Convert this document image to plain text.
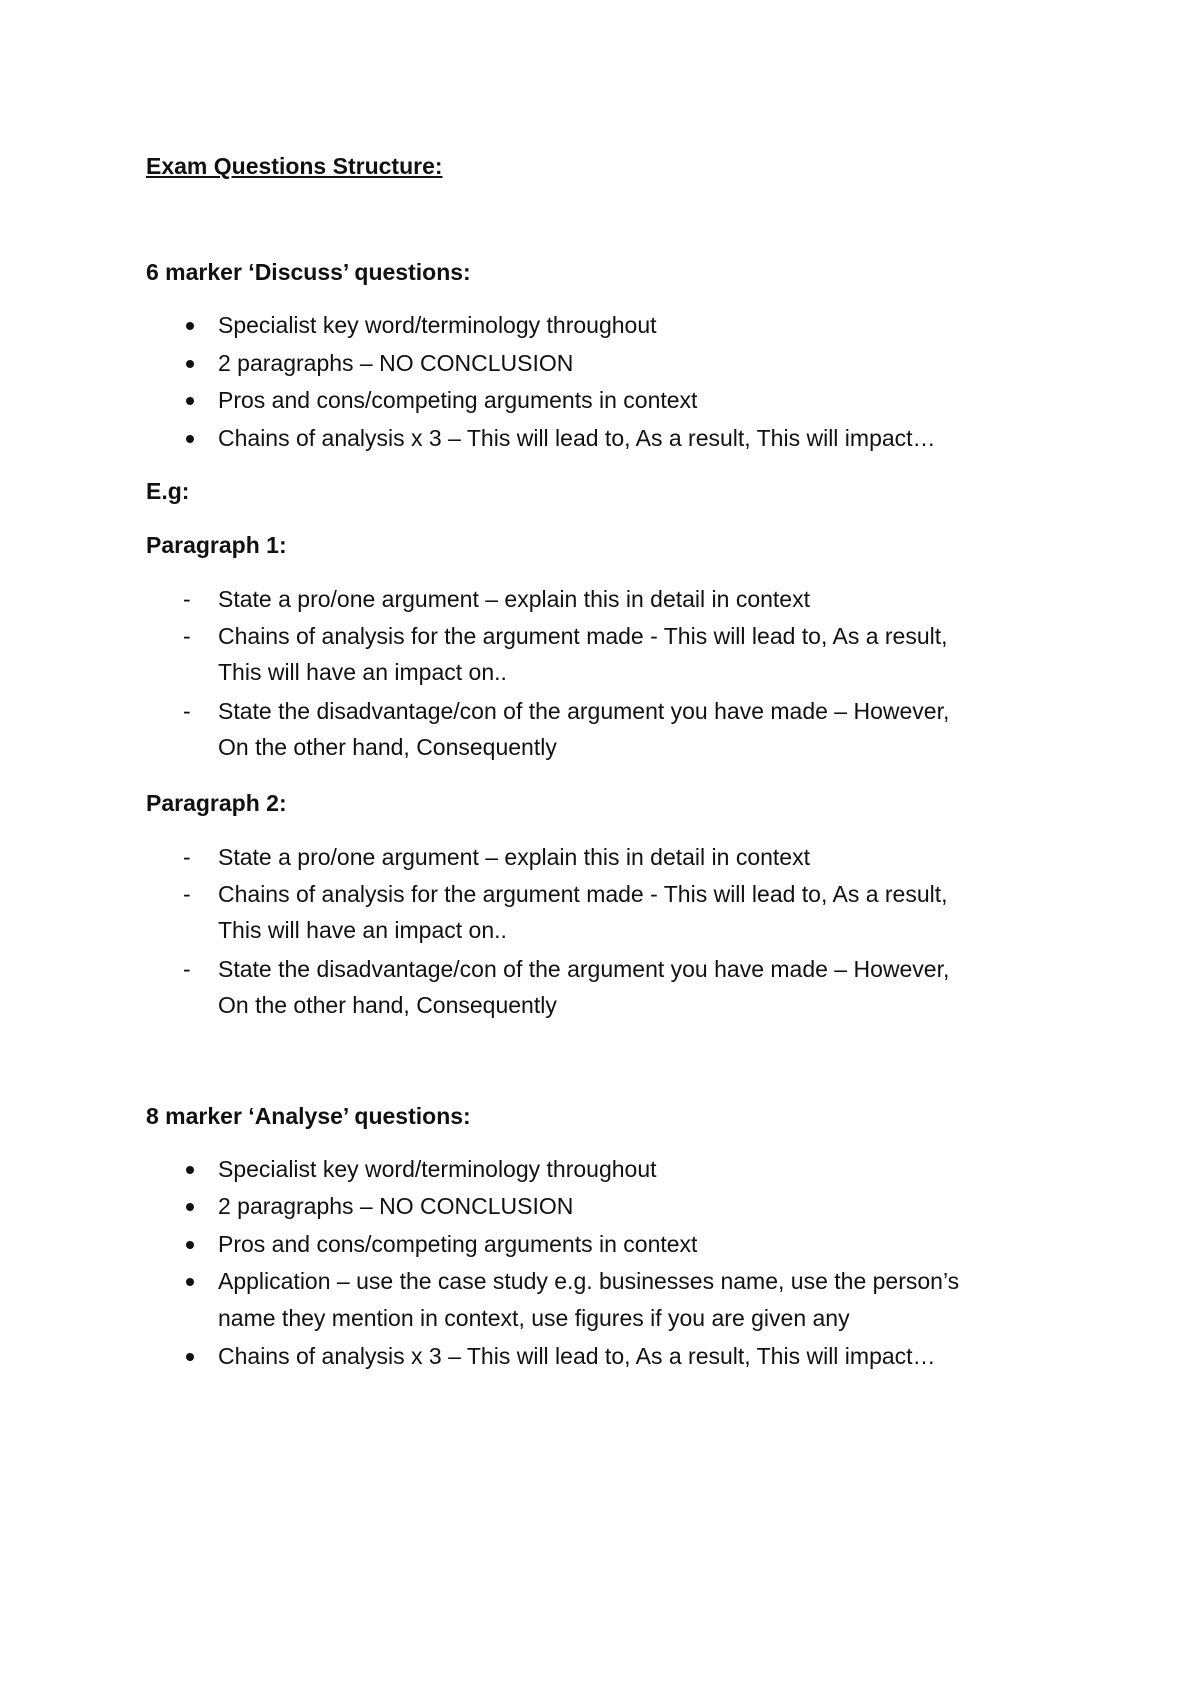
Exam Questions Structure:
6 marker ‘Discuss’ questions:
Specialist key word/terminology throughout
2 paragraphs – NO CONCLUSION
Pros and cons/competing arguments in context
Chains of analysis x 3 – This will lead to, As a result, This will impact…
E.g:
Paragraph 1:
- State a pro/one argument – explain this in detail in context
- Chains of analysis for the argument made - This will lead to, As a result,
This will have an impact on..
- State the disadvantage/con of the argument you have made – However,
On the other hand, Consequently
Paragraph 2:
- State a pro/one argument – explain this in detail in context
- Chains of analysis for the argument made - This will lead to, As a result,
This will have an impact on..
- State the disadvantage/con of the argument you have made – However,
On the other hand, Consequently
8 marker ‘Analyse’ questions:
Specialist key word/terminology throughout
2 paragraphs – NO CONCLUSION
Pros and cons/competing arguments in context
Application – use the case study e.g. businesses name, use the person’s
name they mention in context, use figures if you are given any
Chains of analysis x 3 – This will lead to, As a result, This will impact…
